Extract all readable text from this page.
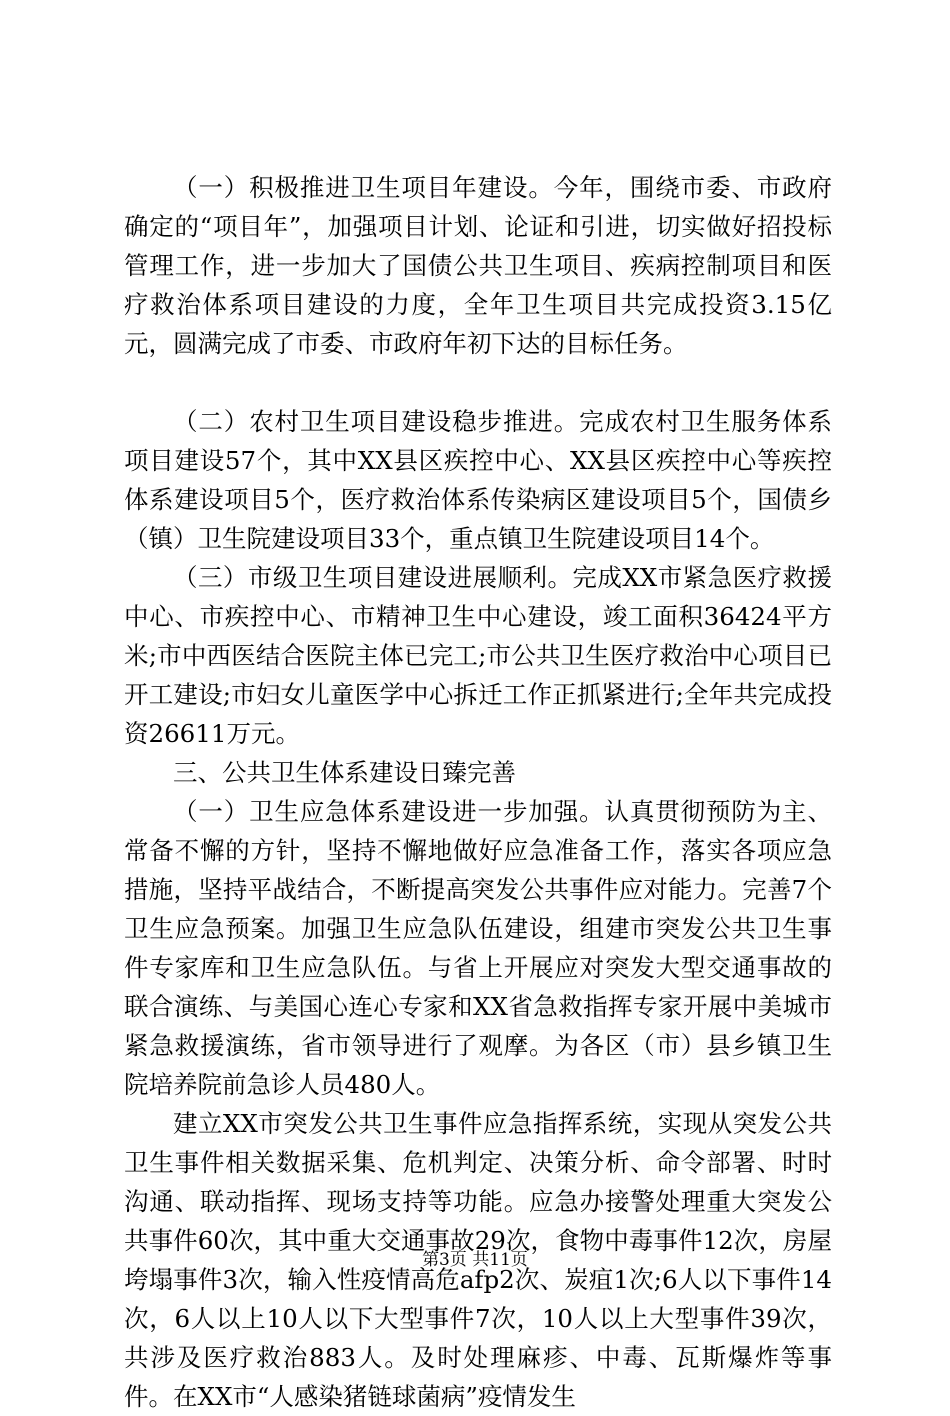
（一）积极推进卫生项目年建设。今年，围绕市委、市政府确定的“项目年”，加强项目计划、论证和引进，切实做好招投标管理工作，进一步加大了国债公共卫生项目、疾病控制项目和医疗救治体系项目建设的力度，全年卫生项目共完成投资3.15亿元，圆满完成了市委、市政府年初下达的目标任务。

（二）农村卫生项目建设稳步推进。完成农村卫生服务体系项目建设57个，其中XX县区疾控中心、XX县区疾控中心等疾控体系建设项目5个，医疗救治体系传染病区建设项目5个，国债乡（镇）卫生院建设项目33个，重点镇卫生院建设项目14个。

（三）市级卫生项目建设进展顺利。完成XX市紧急医疗救援中心、市疾控中心、市精神卫生中心建设，竣工面积36424平方米;市中西医结合医院主体已完工;市公共卫生医疗救治中心项目已开工建设;市妇女儿童医学中心拆迁工作正抓紧进行;全年共完成投资26611万元。

三、公共卫生体系建设日臻完善

（一）卫生应急体系建设进一步加强。认真贯彻预防为主、常备不懈的方针，坚持不懈地做好应急准备工作，落实各项应急措施，坚持平战结合，不断提高突发公共事件应对能力。完善7个卫生应急预案。加强卫生应急队伍建设，组建市突发公共卫生事件专家库和卫生应急队伍。与省上开展应对突发大型交通事故的联合演练、与美国心连心专家和XX省急救指挥专家开展中美城市紧急救援演练，省市领导进行了观摩。为各区（市）县乡镇卫生院培养院前急诊人员480人。

建立XX市突发公共卫生事件应急指挥系统，实现从突发公共卫生事件相关数据采集、危机判定、决策分析、命令部署、时时沟通、联动指挥、现场支持等功能。应急办接警处理重大突发公共事件60次，其中重大交通事故29次，食物中毒事件12次，房屋垮塌事件3次，输入性疫情高危afp2次、炭疽1次;6人以下事件14次，6人以上10人以下大型事件7次，10人以上大型事件39次，共涉及医疗救治883人。及时处理麻疹、中毒、瓦斯爆炸等事件。在XX市“人感染猪链球菌病”疫情发生

第3页 共11页
